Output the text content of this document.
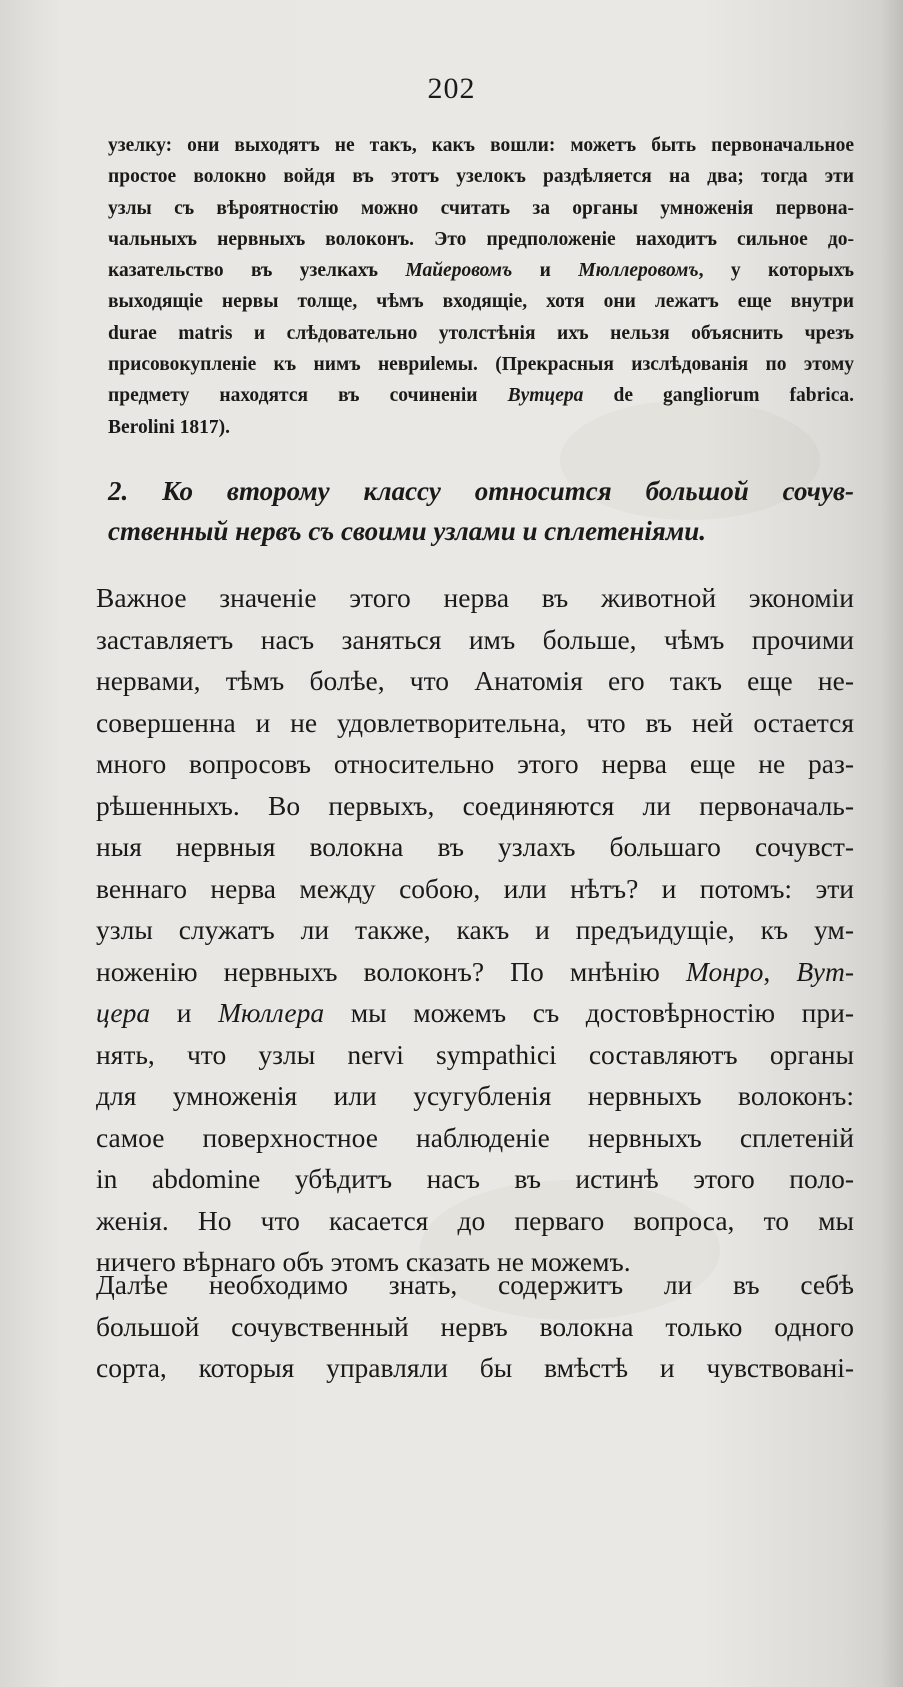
202
узелку: они выходятъ не такъ, какъ вошли: можетъ быть первоначальное
простое волокно войдя въ этотъ узелокъ раздѣляется на два; тогда эти
узлы съ вѣроятностію можно считать за органы умноженія первона-
чальныхъ нервныхъ волоконъ. Это предположеніе находитъ сильное до-
казательство въ узелкахъ Майеровомъ и Мюллеровомъ, у которыхъ
выходящіе нервы толще, чѣмъ входящіе, хотя они лежатъ еще внутри
durae matris и слѣдовательно утолстѣнія ихъ нельзя объяснить чрезъ
присовокупленіе къ нимъ невриlемы. (Прекрасныя изслѣдованія по этому
предмету находятся въ сочиненіи Вутцера de gangliorum fabrica.
Berolini 1817).
2. Ко второму классу относится большой сочув-
ственный нервъ съ своими узлами и сплетеніями.
Важное значеніе этого нерва въ животной экономіи
заставляетъ насъ заняться имъ больше, чѣмъ прочими
нервами, тѣмъ болѣе, что Анатомія его такъ еще не-
совершенна и не удовлетворительна, что въ ней остается
много вопросовъ относительно этого нерва еще не раз-
рѣшенныхъ. Во первыхъ, соединяются ли первоначаль-
ныя нервныя волокна въ узлахъ большаго сочувст-
веннаго нерва между собою, или нѣтъ? и потомъ: эти
узлы служатъ ли также, какъ и предъидущіе, къ ум-
ноженію нервныхъ волоконъ? По мнѣнію Монро, Вут-
цера и Мюллера мы можемъ съ достовѣрностію при-
нять, что узлы nervi sympathici составляютъ органы
для умноженія или усугубленія нервныхъ волоконъ:
самое поверхностное наблюденіе нервныхъ сплетеній
in abdomine убѣдитъ насъ въ истинѣ этого поло-
женія. Но что касается до перваго вопроса, то мы
ничего вѣрнаго объ этомъ сказать не можемъ.
Далѣе необходимо знать, содержитъ ли въ себѣ
большой сочувственный нервъ волокна только одного
сорта, которыя управляли бы вмѣстѣ и чувствовані-
